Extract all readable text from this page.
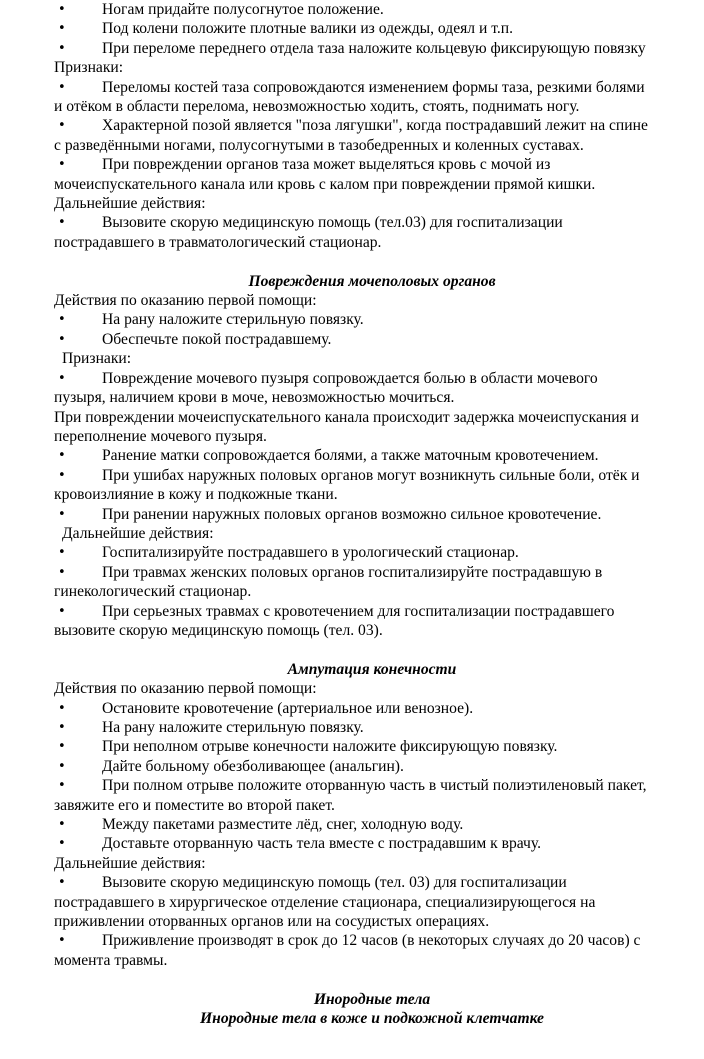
• Ногам придайте полусогнутое положение.
• Под колени положите плотные валики из одежды, одеял и т.п.
• При переломе переднего отдела таза наложите кольцевую фиксирующую повязку
Признаки:
• Переломы костей таза сопровождаются изменением формы таза, резкими болями
и отёком в области перелома, невозможностью ходить, стоять, поднимать ногу.
• Характерной позой является "поза лягушки", когда пострадавший лежит на спине
с разведёнными ногами, полусогнутыми в тазобедренных и коленных суставах.
• При повреждении органов таза может выделяться кровь с мочой из
мочеиспускательного канала или кровь с калом при повреждении прямой кишки.
Дальнейшие действия:
• Вызовите скорую медицинскую помощь (тел.03) для госпитализации
пострадавшего в травматологический стационар.
Повреждения мочеполовых органов
Действия по оказанию первой помощи:
• На рану наложите стерильную повязку.
• Обеспечьте покой пострадавшему.
Признаки:
• Повреждение мочевого пузыря сопровождается болью в области мочевого
пузыря, наличием крови в моче, невозможностью мочиться.
При повреждении мочеиспускательного канала происходит задержка мочеиспускания и
переполнение мочевого пузыря.
• Ранение матки сопровождается болями, а также маточным кровотечением.
• При ушибах наружных половых органов могут возникнуть сильные боли, отёк и
кровоизлияние в кожу и подкожные ткани.
• При ранении наружных половых органов возможно сильное кровотечение.
Дальнейшие действия:
• Госпитализируйте пострадавшего в урологический стационар.
• При травмах женских половых органов госпитализируйте пострадавшую в
гинекологический стационар.
• При серьезных травмах с кровотечением для госпитализации пострадавшего
вызовите скорую медицинскую помощь (тел. 03).
Ампутация конечности
Действия по оказанию первой помощи:
• Остановите кровотечение (артериальное или венозное).
• На рану наложите стерильную повязку.
• При неполном отрыве конечности наложите фиксирующую повязку.
• Дайте больному обезболивающее (анальгин).
• При полном отрыве положите оторванную часть в чистый полиэтиленовый пакет,
завяжите его и поместите во второй пакет.
• Между пакетами разместите лёд, снег, холодную воду.
• Доставьте оторванную часть тела вместе с пострадавшим к врачу.
Дальнейшие действия:
• Вызовите скорую медицинскую помощь (тел. 03) для госпитализации
пострадавшего в хирургическое отделение стационара, специализирующегося на
приживлении оторванных органов или на сосудистых операциях.
• Приживление производят в срок до 12 часов (в некоторых случаях до 20 часов) с
момента травмы.
Инородные тела
Инородные тела в коже и подкожной клетчатке
